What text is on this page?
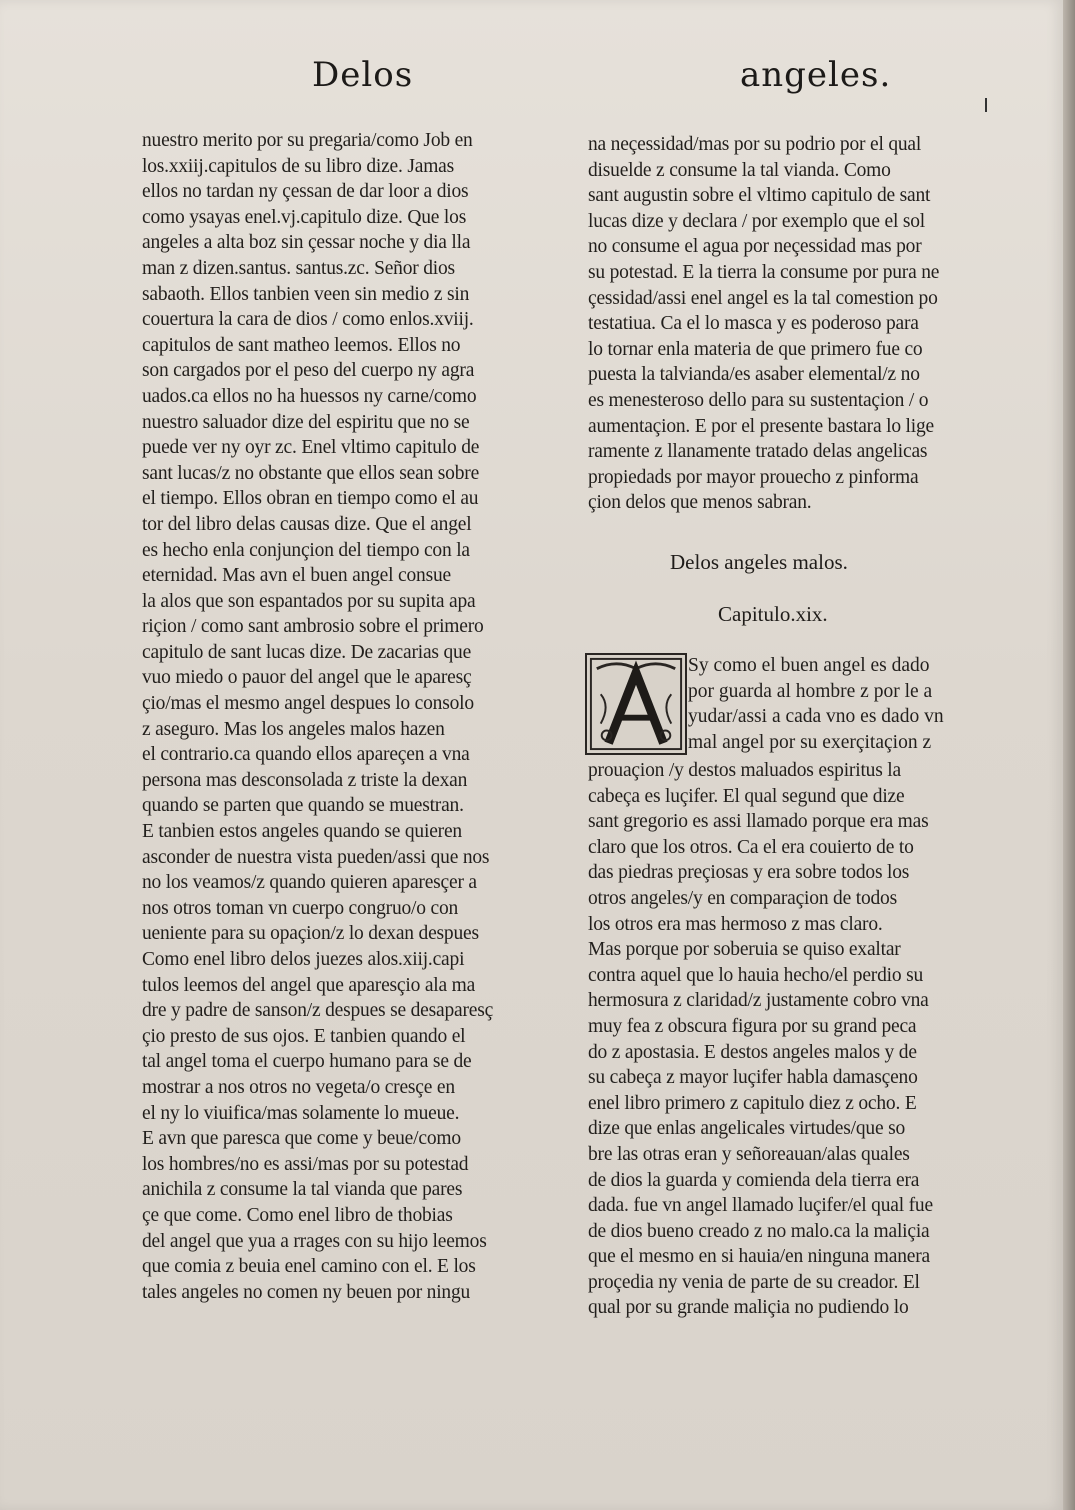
Delos	angeles.
nuestro merito por su pregaria/como Job en
los.xxiij.capitulos de su libro dize. Jamas
ellos no tardan ny çessan de dar loor a dios
como ysayas enel.vj.capitulo dize. Que los
angeles a alta boz sin çessar noche y dia lla
man z dizen.santus. santus.zc. Señor dios
sabaoth. Ellos tanbien veen sin medio z sin
couertura la cara de dios / como enlos.xviij.
capitulos de sant matheo leemos. Ellos no
son cargados por el peso del cuerpo ny agra
uados.ca ellos no ha huessos ny carne/como
nuestro saluador dize del espiritu que no se
puede ver ny oyr zc. Enel vltimo capitulo de
sant lucas/z no obstante que ellos sean sobre
el tiempo. Ellos obran en tiempo como el au
tor del libro delas causas dize. Que el angel
es hecho enla conjunçion del tiempo con la
eternidad. Mas avn el buen angel consue
la alos que son espantados por su supita apa
riçion / como sant ambrosio sobre el primero
capitulo de sant lucas dize. De zacarias que
vuo miedo o pauor del angel que le aparesç
çio/mas el mesmo angel despues lo consolo
z aseguro. Mas los angeles malos hazen
el contrario.ca quando ellos apareçen a vna
persona mas desconsolada z triste la dexan
quando se parten que quando se muestran.
E tanbien estos angeles quando se quieren
asconder de nuestra vista pueden/assi que nos
no los veamos/z quando quieren aparesçer a
nos otros toman vn cuerpo congruo/o con
ueniente para su opaçion/z lo dexan despues
Como enel libro delos juezes alos.xiij.capi
tulos leemos del angel que aparesçio ala ma
dre y padre de sanson/z despues se desaparesç
çio presto de sus ojos. E tanbien quando el
tal angel toma el cuerpo humano para se de
mostrar a nos otros no vegeta/o cresçe en
el ny lo viuifica/mas solamente lo mueue.
E avn que paresca que come y beue/como
los hombres/no es assi/mas por su potestad
anichila z consume la tal vianda que pares
çe que come. Como enel libro de thobias
del angel que yua a rrages con su hijo leemos
que comia z beuia enel camino con el. E los
tales angeles no comen ny beuen por ningu
na neçessidad/mas por su podrio por el qual
disuelde z consume la tal vianda. Como
sant augustin sobre el vltimo capitulo de sant
lucas dize y declara / por exemplo que el sol
no consume el agua por neçessidad mas por
su potestad. E la tierra la consume por pura ne
çessidad/assi enel angel es la tal comestion po
testatiua. Ca el lo masca y es poderoso para
lo tornar enla materia de que primero fue co
puesta la talvianda/es asaber elemental/z no
es menesteroso dello para su sustentaçion / o
aumentaçion. E por el presente bastara lo lige
ramente z llanamente tratado delas angelicas
propiedads por mayor prouecho z pinforma
çion delos que menos sabran.
Delos angeles malos.
Capitulo.xix.
Sy como el buen angel es dado
por guarda al hombre z por le a
yudar/assi a cada vno es dado vn
mal angel por su exerçitaçion z
prouaçion /y destos maluados espiritus la
cabeça es luçifer. El qual segund que dize
sant gregorio es assi llamado porque era mas
claro que los otros. Ca el era couierto de to
das piedras preçiosas y era sobre todos los
otros angeles/y en comparaçion de todos
los otros era mas hermoso z mas claro.
Mas porque por soberuia se quiso exaltar
contra aquel que lo hauia hecho/el perdio su
hermosura z claridad/z justamente cobro vna
muy fea z obscura figura por su grand peca
do z apostasia. E destos angeles malos y de
su cabeça z mayor luçifer habla damasçeno
enel libro primero z capitulo diez z ocho. E
dize que enlas angelicales virtudes/que so
bre las otras eran y señoreauan/alas quales
de dios la guarda y comienda dela tierra era
dada. fue vn angel llamado luçifer/el qual fue
de dios bueno creado z no malo.ca la maliçia
que el mesmo en si hauia/en ninguna manera
proçedia ny venia de parte de su creador. El
qual por su grande maliçia no pudiendo lo
